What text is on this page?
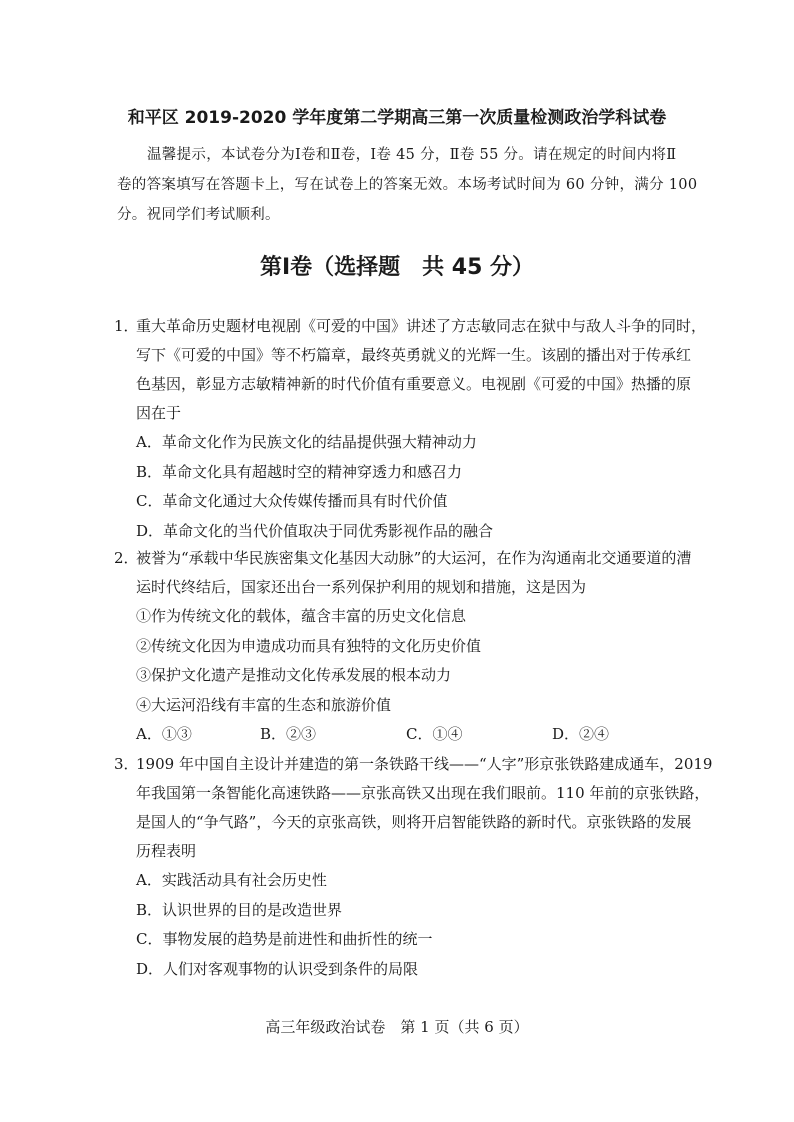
和平区 2019-2020 学年度第二学期高三第一次质量检测政治学科试卷
温馨提示，本试卷分为Ⅰ卷和Ⅱ卷，Ⅰ卷 45 分，Ⅱ卷 55 分。请在规定的时间内将Ⅱ
卷的答案填写在答题卡上，写在试卷上的答案无效。本场考试时间为 60 分钟，满分 100
分。祝同学们考试顺利。
第Ⅰ卷（选择题　共 45 分）
1．重大革命历史题材电视剧《可爱的中国》讲述了方志敏同志在狱中与敌人斗争的同时，
写下《可爱的中国》等不朽篇章，最终英勇就义的光辉一生。该剧的播出对于传承红
色基因，彰显方志敏精神新的时代价值有重要意义。电视剧《可爱的中国》热播的原
因在于
A．革命文化作为民族文化的结晶提供强大精神动力
B．革命文化具有超越时空的精神穿透力和感召力
C．革命文化通过大众传媒传播而具有时代价值
D．革命文化的当代价值取决于同优秀影视作品的融合
2．被誉为“承载中华民族密集文化基因大动脉”的大运河，在作为沟通南北交通要道的漕
运时代终结后，国家还出台一系列保护利用的规划和措施，这是因为
①作为传统文化的载体，蕴含丰富的历史文化信息
②传统文化因为申遗成功而具有独特的文化历史价值
③保护文化遗产是推动文化传承发展的根本动力
④大运河沿线有丰富的生态和旅游价值
A．①③	B．②③	C．①④	D．②④
3．1909 年中国自主设计并建造的第一条铁路干线——“人字”形京张铁路建成通车，2019
年我国第一条智能化高速铁路——京张高铁又出现在我们眼前。110 年前的京张铁路，
是国人的“争气路”，今天的京张高铁，则将开启智能铁路的新时代。京张铁路的发展
历程表明
A．实践活动具有社会历史性
B．认识世界的目的是改造世界
C．事物发展的趋势是前进性和曲折性的统一
D．人们对客观事物的认识受到条件的局限
高三年级政治试卷　第 1 页（共 6 页）
